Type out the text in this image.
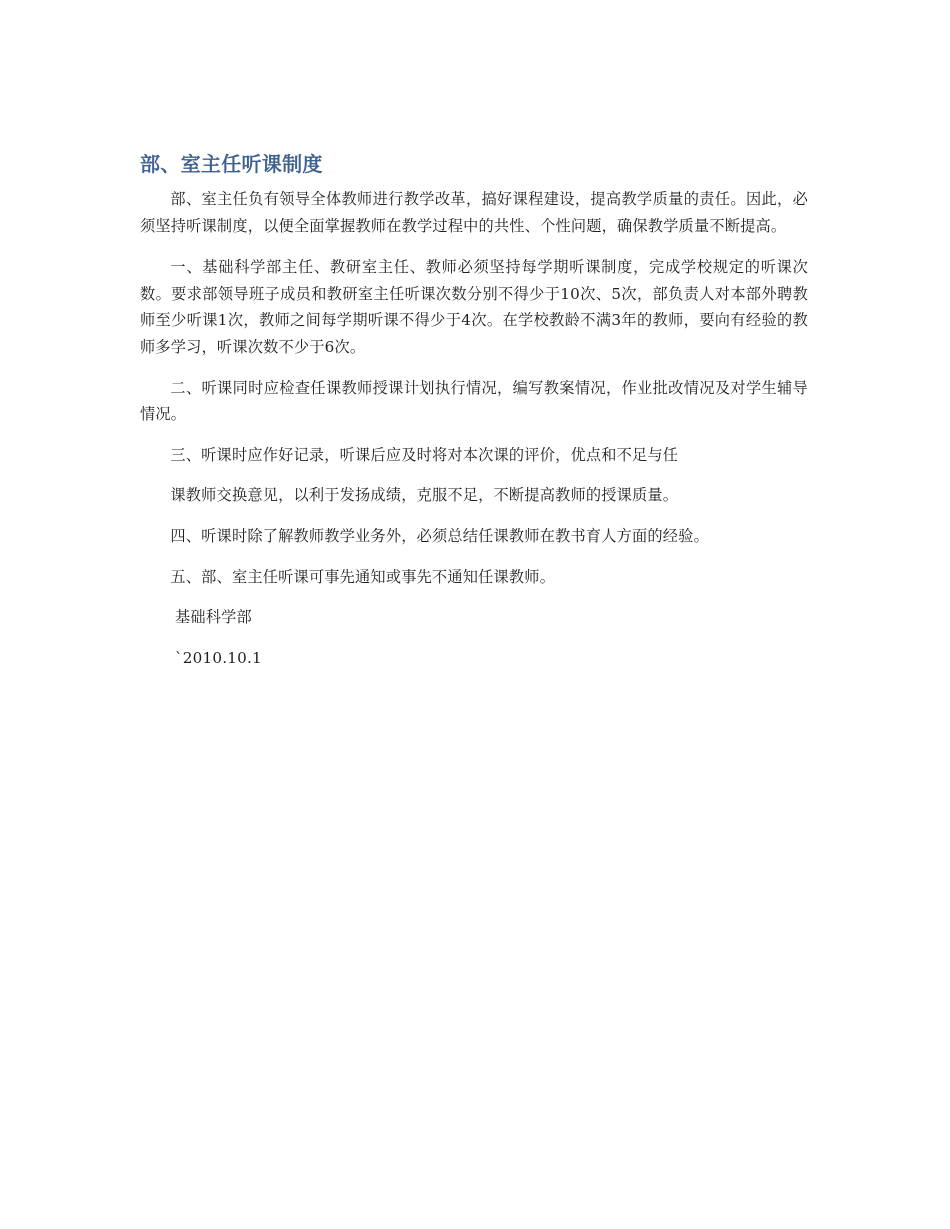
部、室主任听课制度

部、室主任负有领导全体教师进行教学改革，搞好课程建设，提高教学质量的责任。因此，必须坚持听课制度，以便全面掌握教师在教学过程中的共性、个性问题，确保教学质量不断提高。

一、基础科学部主任、教研室主任、教师必须坚持每学期听课制度，完成学校规定的听课次数。要求部领导班子成员和教研室主任听课次数分别不得少于10次、5次，部负责人对本部外聘教师至少听课1次，教师之间每学期听课不得少于4次。在学校教龄不满3年的教师，要向有经验的教师多学习，听课次数不少于6次。

二、听课同时应检查任课教师授课计划执行情况，编写教案情况，作业批改情况及对学生辅导情况。

三、听课时应作好记录，听课后应及时将对本次课的评价，优点和不足与任

课教师交换意见，以利于发扬成绩，克服不足，不断提高教师的授课质量。

四、听课时除了解教师教学业务外，必须总结任课教师在教书育人方面的经验。

五、部、室主任听课可事先通知或事先不通知任课教师。

基础科学部

`2010.10.1
